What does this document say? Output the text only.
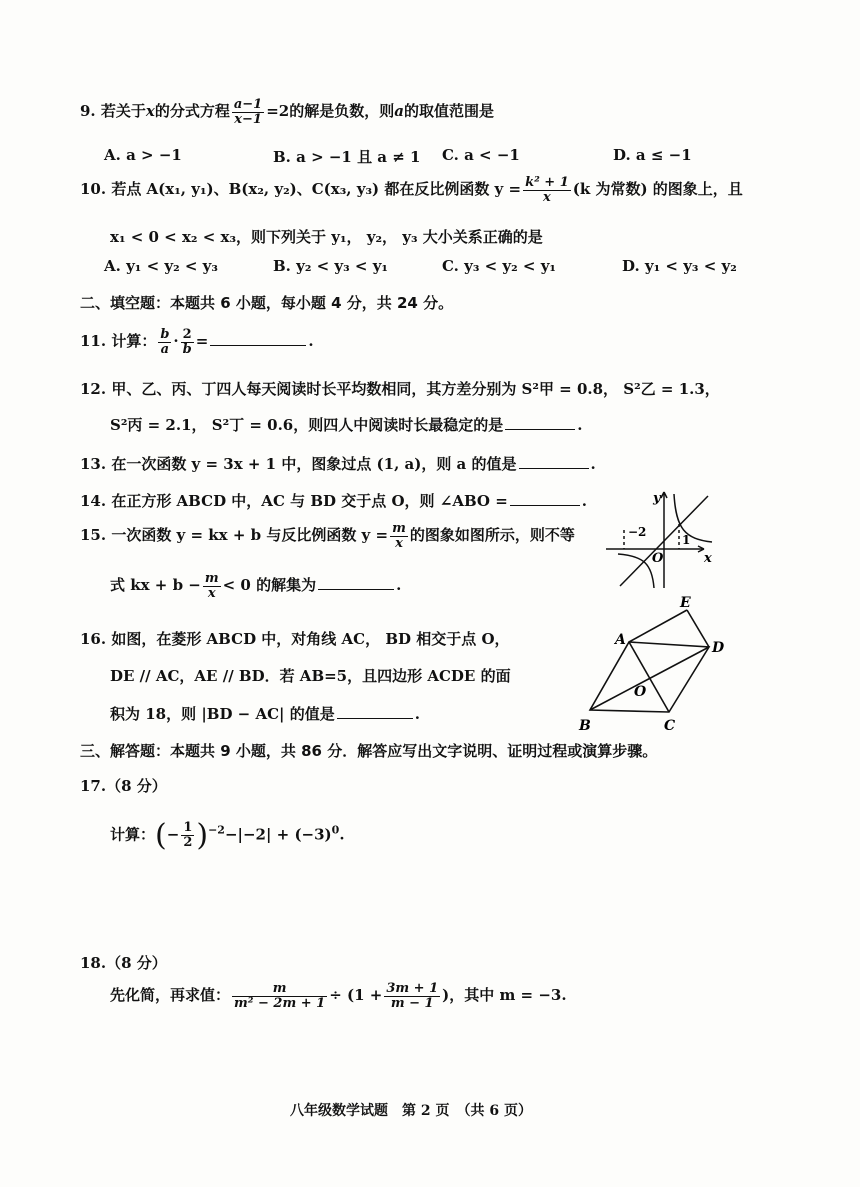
9. 若关于x的分式方程 $\frac{a-1}{x-1} =2$的解是负数，则a的取值范围是
A. a > −1	B. a > −1 且 a ≠ 1 C. a < −1	D. a ≤ −1
10. 若点 A(x₁, y₁)、B(x₂, y₂)、C(x₃, y₃) 都在反比例函数 $y = \frac{\text{k² + 1}}{x} (k$ 为常数) 的图象上，且
x₁ < 0 < x₂ < x₃，则下列关于 y₁， y₂， y₃ 大小关系正确的是
A. y₁ < y₂ < y₃	B. y₂ < y₃ < y₁	C. y₃ < y₂ < y₁	D. y₁ < y₃ < y₂
二、填空题：本题共 6 小题，每小题 4 分，共 24 分。
11. 计算： $\frac{b}{a} \cdot \frac{2}{b}$ =	.
12. 甲、乙、丙、丁四人每天阅读时长平均数相同，其方差分别为 S²甲 = 0.8， S²乙 = 1.3，
S²丙 = 2.1， S²丁 = 0.6，则四人中阅读时长最稳定的是	.
13. 在一次函数 y = 3x + 1 中，图象过点 (1, a)，则 a 的值是	.
14. 在正方形 ABCD 中，AC 与 BD 交于点 O，则 ∠ABO =	.
15. 一次函数 y = kx + b 与反比例函数 $y = \frac{m}{x}$ 的图象如图所示，则不等
式 kx + $b - \frac{m}{x} < 0$ 的解集为	.
y
x
O
−2
1
16. 如图，在菱形 ABCD 中，对角线 AC， BD 相交于点 O，
DE // AC，AE // BD．若 AB=5，且四边形 ACDE 的面
积为 18，则 |BD − AC| 的值是	.
A
B	C
D
E
O
三、解答题：本题共 9 小题，共 86 分．解答应写出文字说明、证明过程或演算步骤。
17.（8 分）
计算：(− $\frac{1}{2} )^{-2}-|-2| + (-3)^0$.
18.（8 分）
先化简，再求值： $\frac{m}{\text{m² − 2m + 1}} \div (1 + \frac{3m + 1}{m - 1}$ )，其中 m = −3.
八年级数学试题　第 2 页　（共 6 页）
